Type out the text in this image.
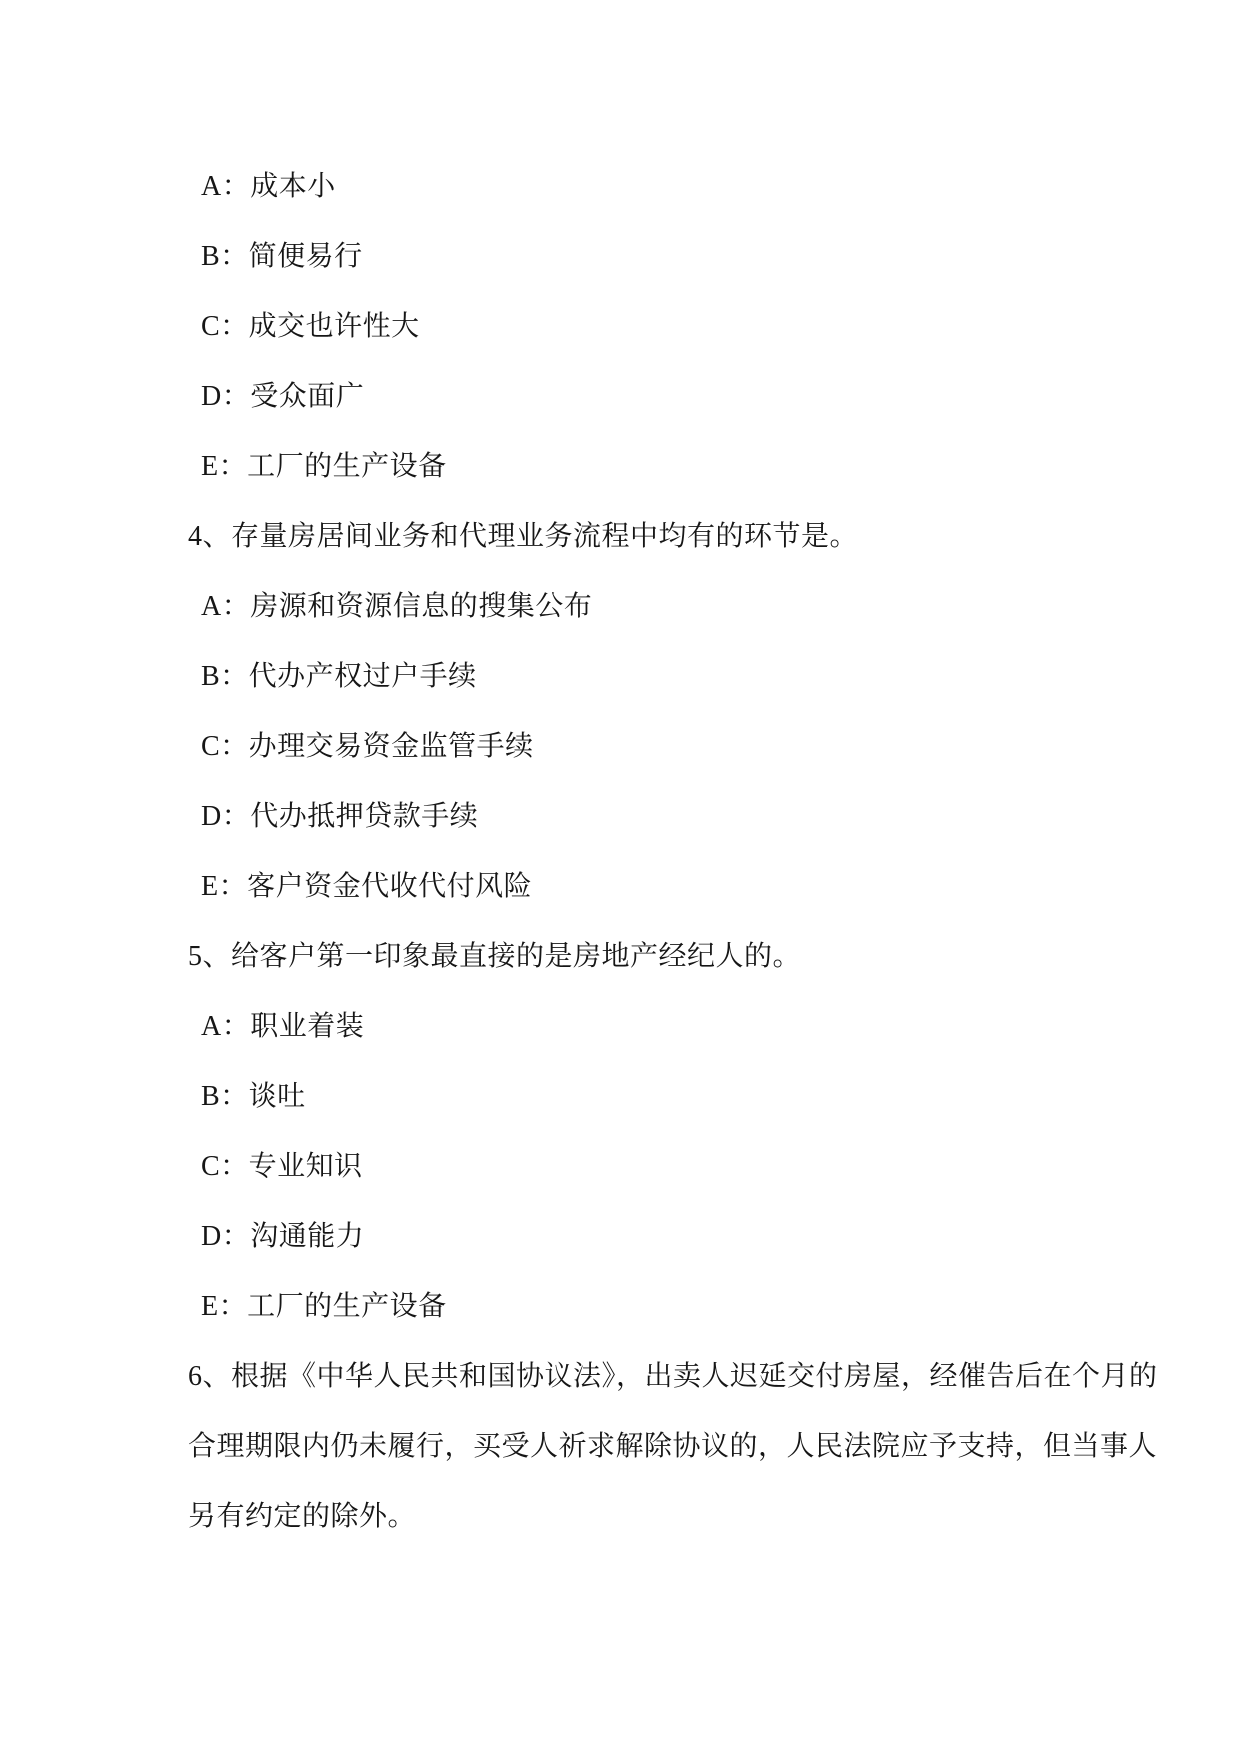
A：成本小
B：简便易行
C：成交也许性大
D：受众面广
E：工厂的生产设备
4、存量房居间业务和代理业务流程中均有的环节是。
A：房源和资源信息的搜集公布
B：代办产权过户手续
C：办理交易资金监管手续
D：代办抵押贷款手续
E：客户资金代收代付风险
5、给客户第一印象最直接的是房地产经纪人的。
A：职业着装
B：谈吐
C：专业知识
D：沟通能力
E：工厂的生产设备
6、根据《中华人民共和国协议法》，出卖人迟延交付房屋，经催告后在个月的
合理期限内仍未履行，买受人祈求解除协议的，人民法院应予支持，但当事人
另有约定的除外。
